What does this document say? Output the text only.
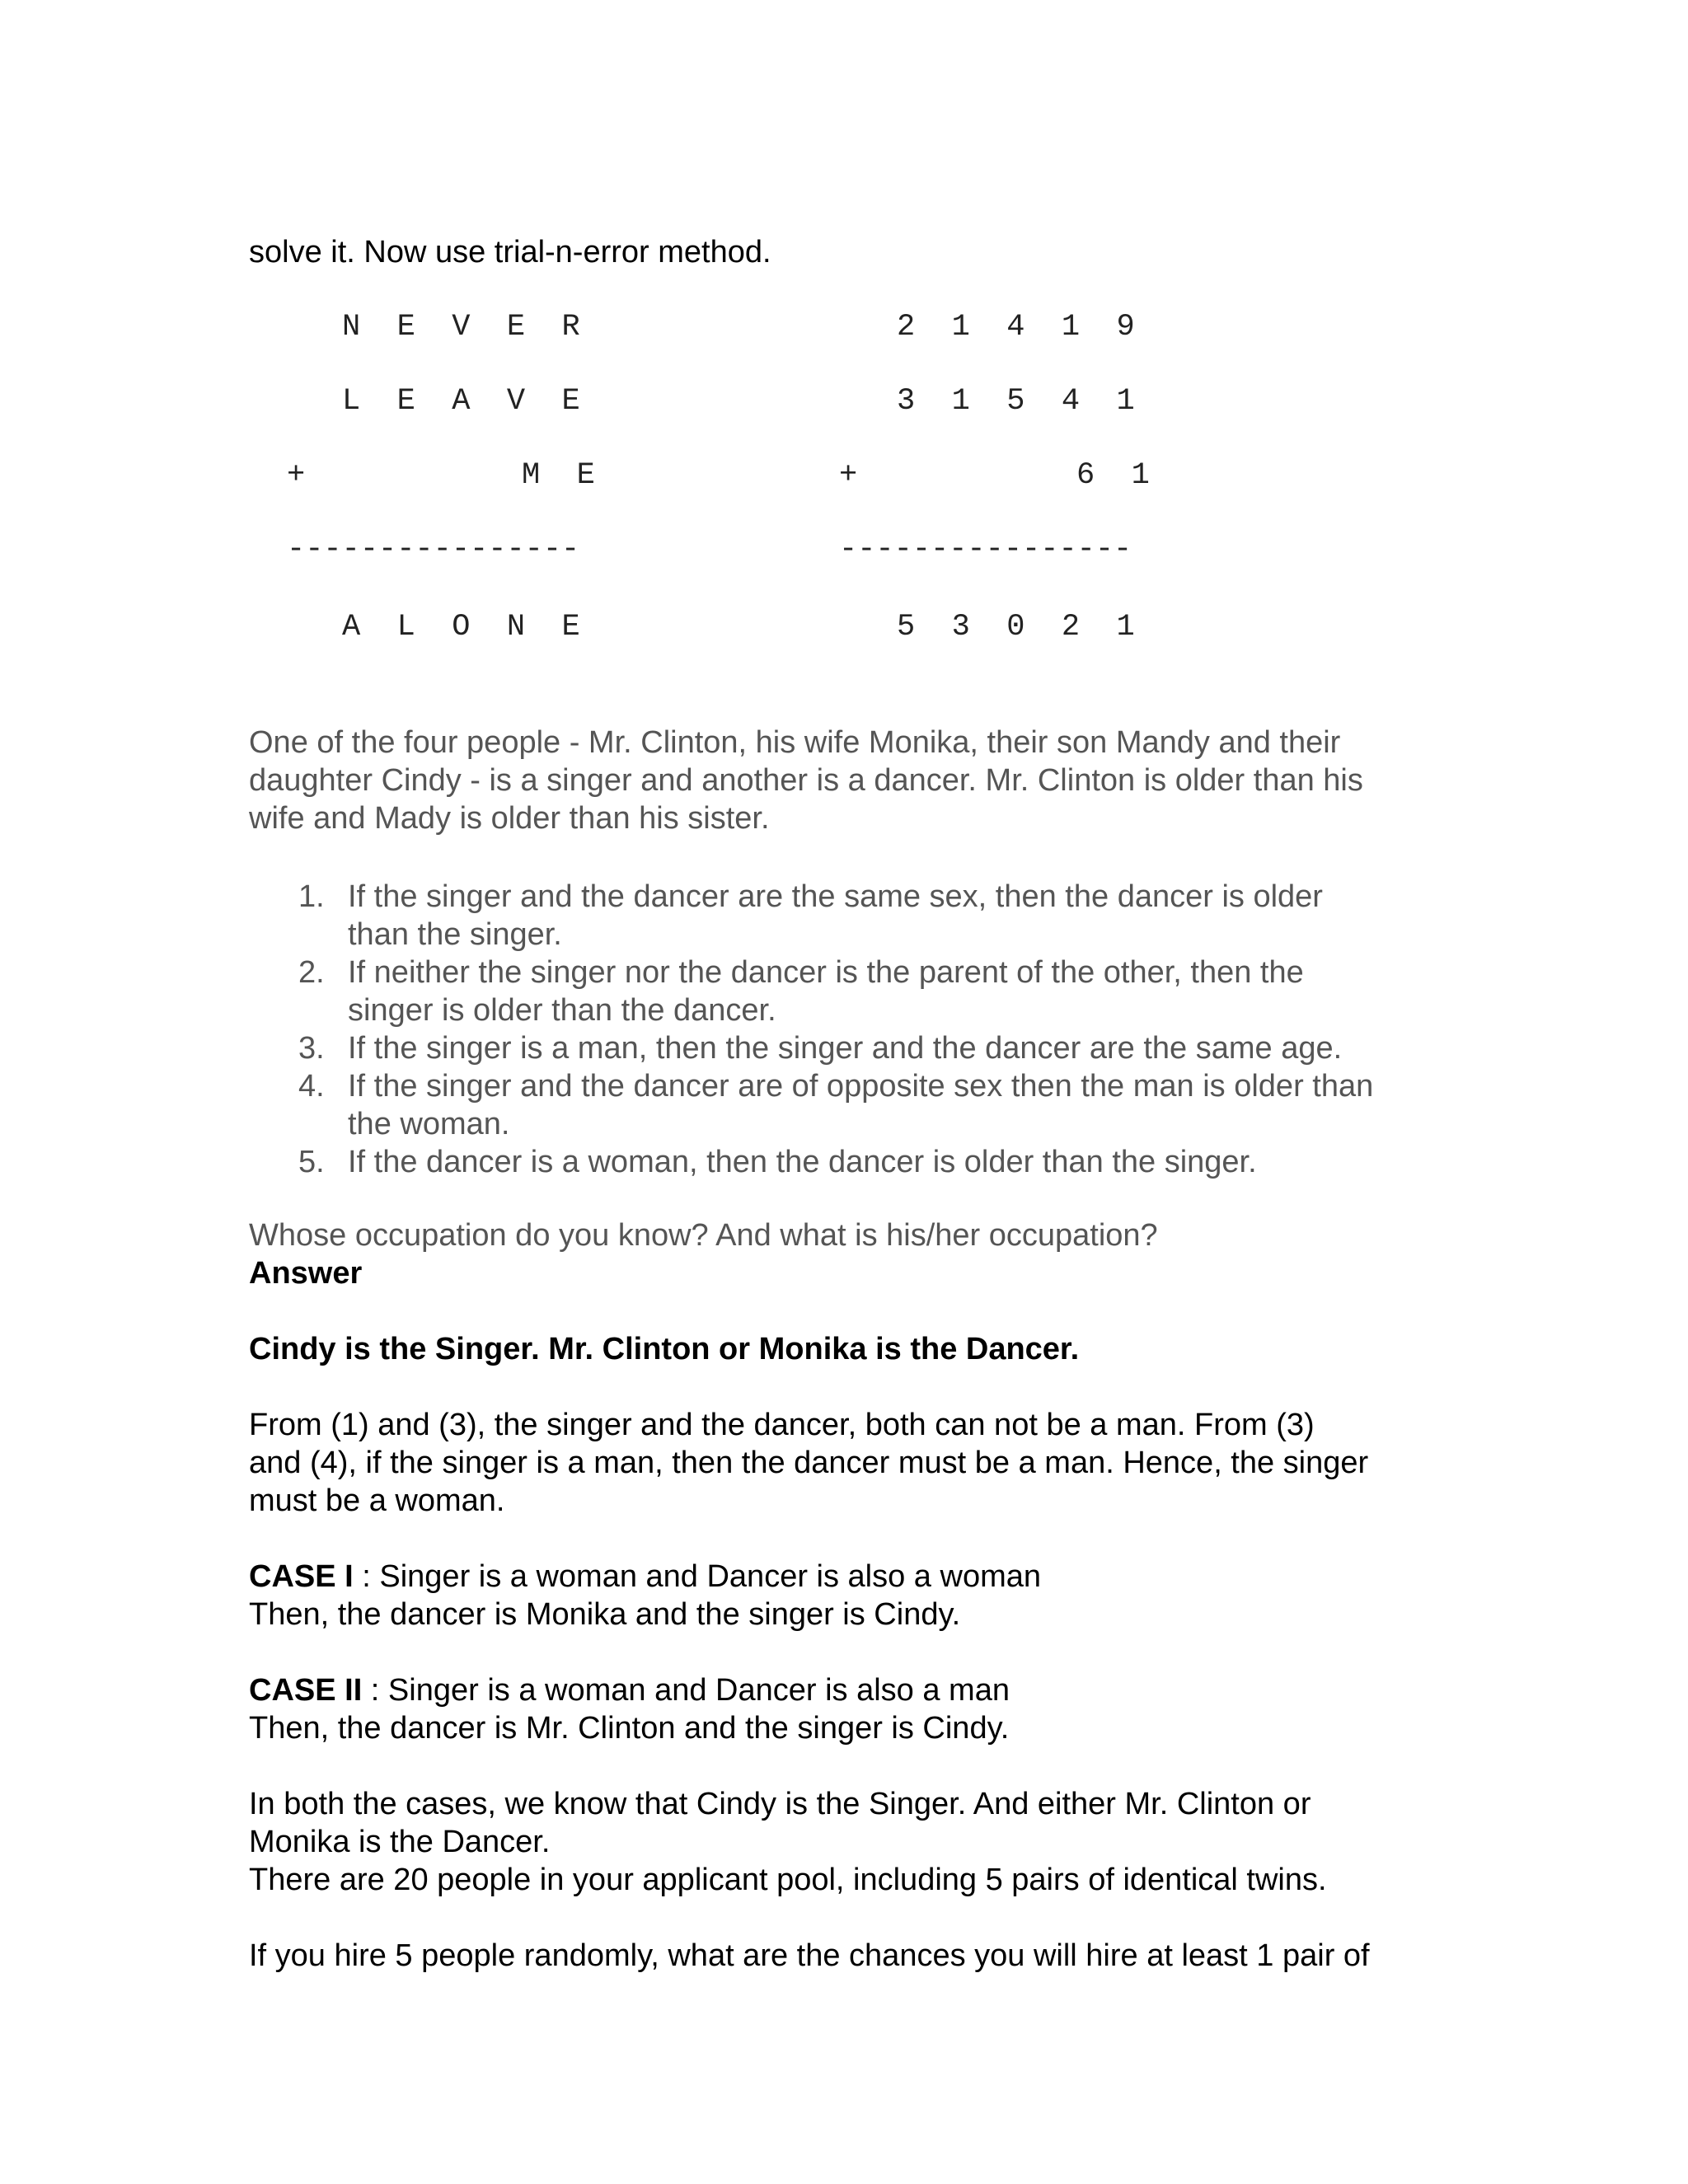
solve it. Now use trial-n-error method.
N  E  V  E  R
L  E  A  V  E
+	M  E
----------------
A  L  O  N  E
2  1  4  1  9
3  1  5  4  1
+	6  1
----------------
5  3  0  2  1
One of the four people - Mr. Clinton, his wife Monika, their son Mandy and their
daughter Cindy - is a singer and another is a dancer. Mr. Clinton is older than his
wife and Mady is older than his sister.
1. If the singer and the dancer are the same sex, then the dancer is older
than the singer.
2. If neither the singer nor the dancer is the parent of the other, then the
singer is older than the dancer.
3. If the singer is a man, then the singer and the dancer are the same age.
4. If the singer and the dancer are of opposite sex then the man is older than
the woman.
5. If the dancer is a woman, then the dancer is older than the singer.
Whose occupation do you know? And what is his/her occupation?
Answer
Cindy is the Singer. Mr. Clinton or Monika is the Dancer.
From (1) and (3), the singer and the dancer, both can not be a man. From (3)
and (4), if the singer is a man, then the dancer must be a man. Hence, the singer
must be a woman.
CASE I : Singer is a woman and Dancer is also a woman
Then, the dancer is Monika and the singer is Cindy.
CASE II : Singer is a woman and Dancer is also a man
Then, the dancer is Mr. Clinton and the singer is Cindy.
In both the cases, we know that Cindy is the Singer. And either Mr. Clinton or
Monika is the Dancer.
There are 20 people in your applicant pool, including 5 pairs of identical twins.
If you hire 5 people randomly, what are the chances you will hire at least 1 pair of
